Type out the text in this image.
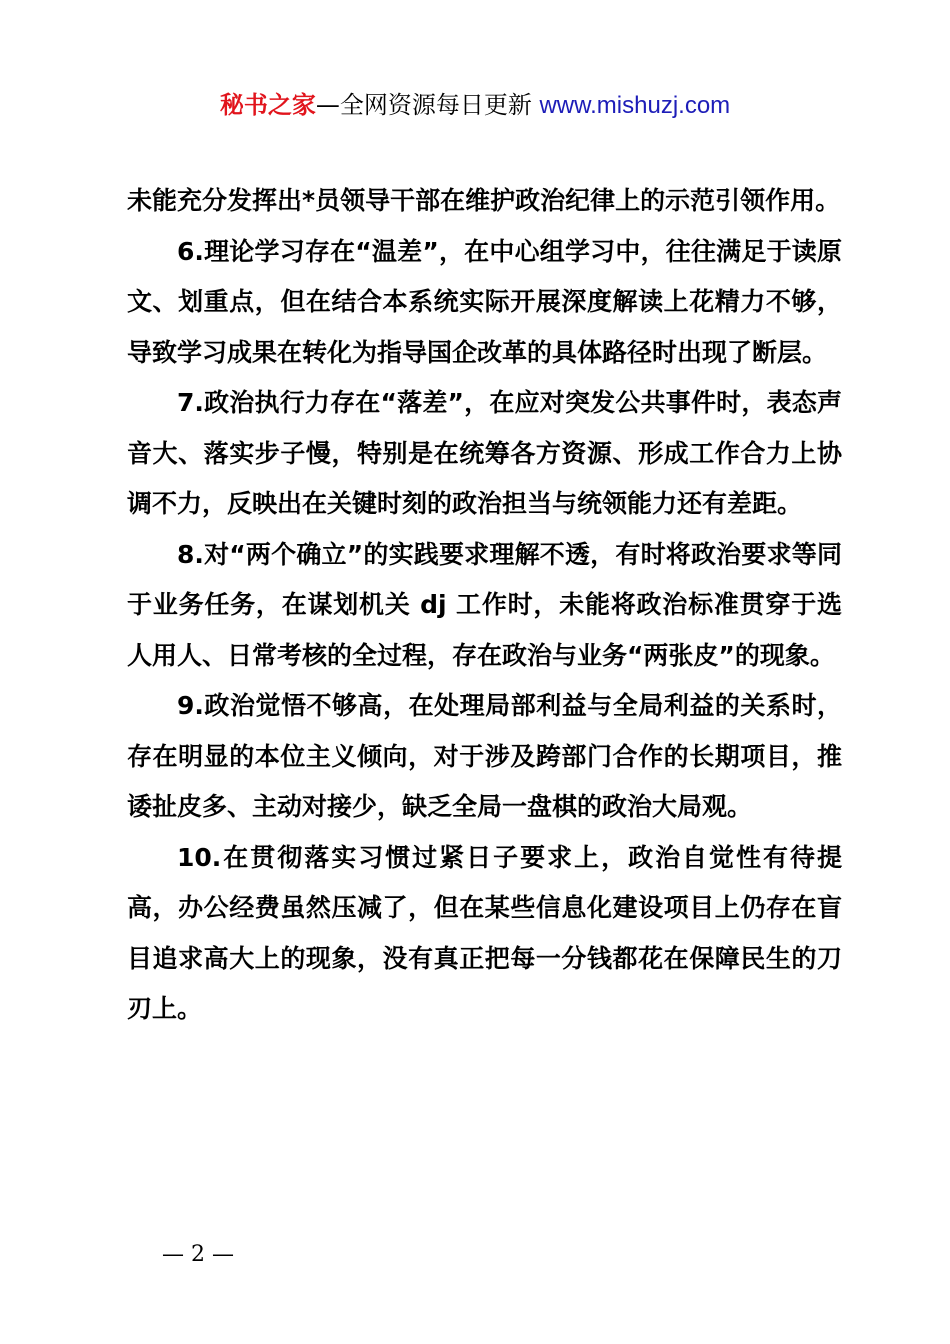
秘书之家—全网资源每日更新 www.mishuzj.com

未能充分发挥出*员领导干部在维护政治纪律上的示范引领作用。

6.理论学习存在“温差”，在中心组学习中，往往满足于读原文、划重点，但在结合本系统实际开展深度解读上花精力不够，导致学习成果在转化为指导国企改革的具体路径时出现了断层。

7.政治执行力存在“落差”，在应对突发公共事件时，表态声音大、落实步子慢，特别是在统筹各方资源、形成工作合力上协调不力，反映出在关键时刻的政治担当与统领能力还有差距。

8.对“两个确立”的实践要求理解不透，有时将政治要求等同于业务任务，在谋划机关 dj 工作时，未能将政治标准贯穿于选人用人、日常考核的全过程，存在政治与业务“两张皮”的现象。

9.政治觉悟不够高，在处理局部利益与全局利益的关系时，存在明显的本位主义倾向，对于涉及跨部门合作的长期项目，推诿扯皮多、主动对接少，缺乏全局一盘棋的政治大局观。

10.在贯彻落实习惯过紧日子要求上，政治自觉性有待提高，办公经费虽然压减了，但在某些信息化建设项目上仍存在盲目追求高大上的现象，没有真正把每一分钱都花在保障民生的刀刃上。

— 2 —
